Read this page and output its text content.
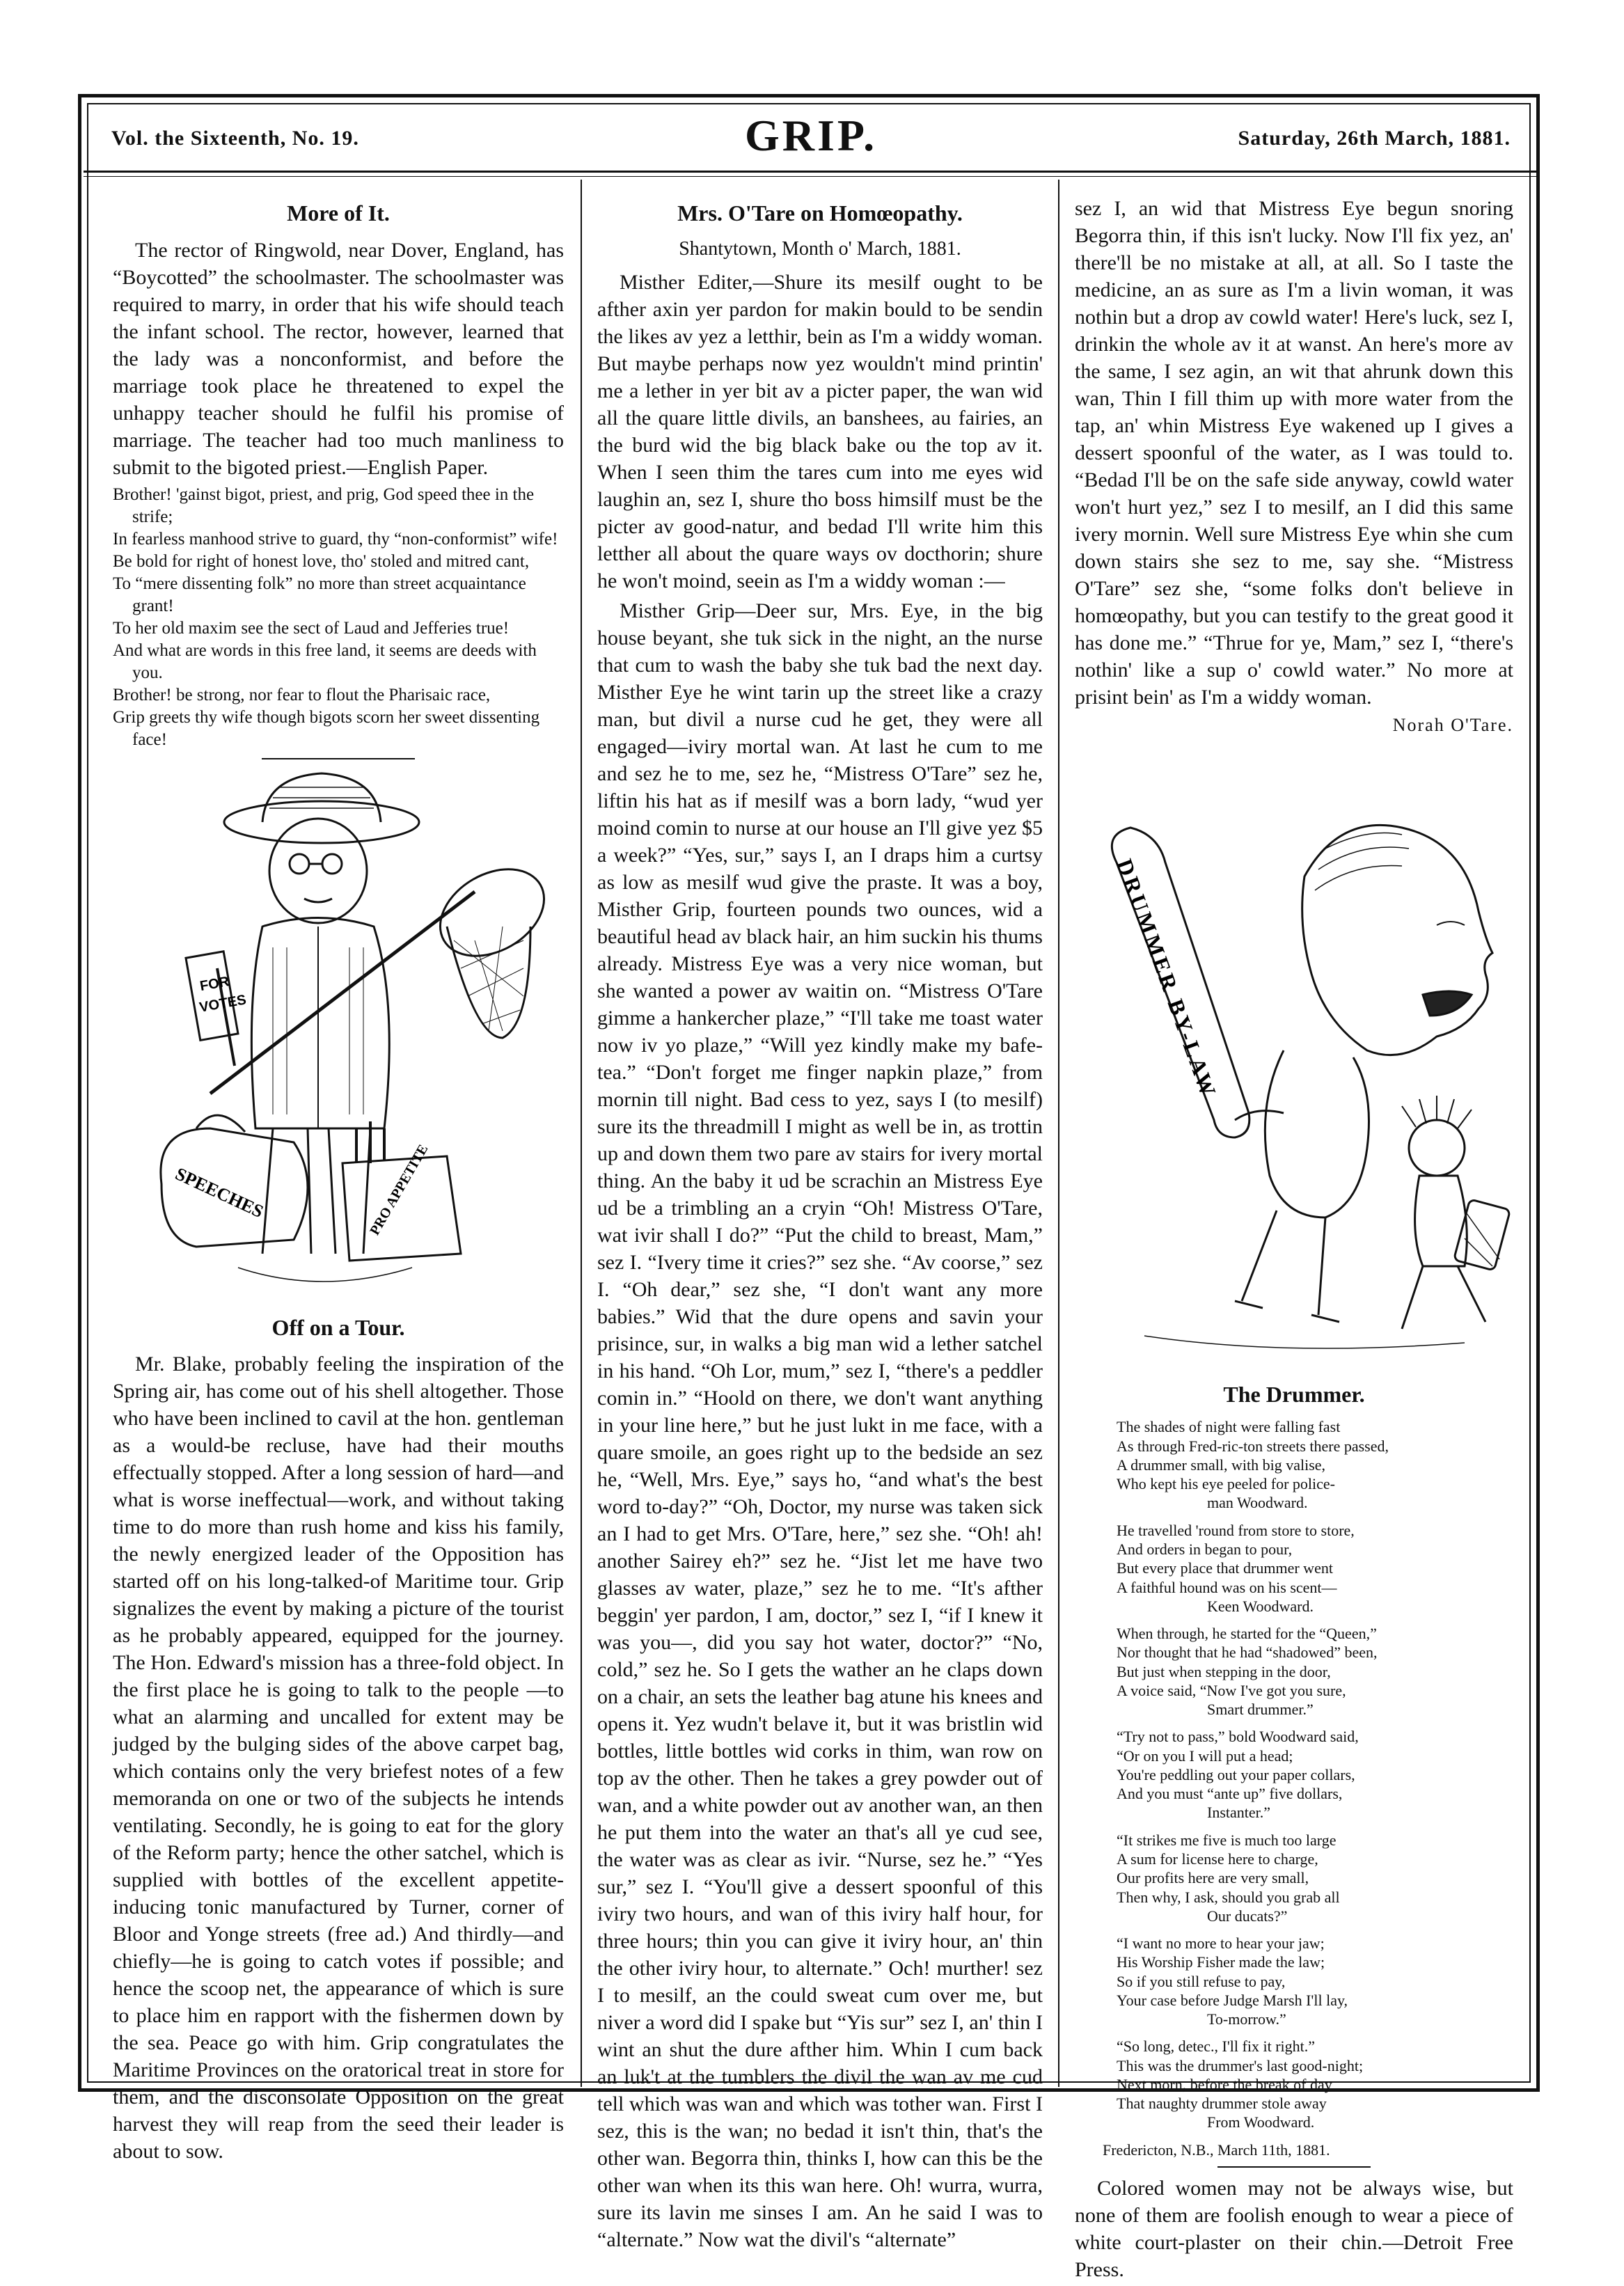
Vol. the Sixteenth, No. 19.	GRIP.	Saturday, 26th March, 1881.
More of It.

The rector of Ringwold, near Dover, England, has “Boycotted” the schoolmaster. The schoolmaster was required to marry, in order that his wife should teach the infant school. The rector, however, learned that the lady was a nonconformist, and before the marriage took place he threatened to expel the unhappy teacher should he fulfil his promise of marriage. The teacher had too much manliness to submit to the bigoted priest.—English Paper.

Brother! 'gainst bigot, priest, and prig, God speed thee in the strife;
In fearless manhood strive to guard, thy “non-conformist” wife!
Be bold for right of honest love, tho' stoled and mitred cant,
To “mere dissenting folk” no more than street acquaintance grant!
To her old maxim see the sect of Laud and Jefferies true!
And what are words in this free land, it seems are deeds with you.
Brother! be strong, nor fear to flout the Pharisaic race,
Grip greets thy wife though bigots scorn her sweet dissenting face!
FOR
VOTES
SPEECHES	PRO APPETITE
Off on a Tour.

Mr. Blake, probably feeling the inspiration of the Spring air, has come out of his shell altogether. Those who have been inclined to cavil at the hon. gentleman as a would-be recluse, have had their mouths effectually stopped. After a long session of hard—and what is worse ineffectual—work, and without taking time to do more than rush home and kiss his family, the newly energized leader of the Opposition has started off on his long-talked-of Maritime tour. Grip signalizes the event by making a picture of the tourist as he probably appeared, equipped for the journey. The Hon. Edward's mission has a three-fold object. In the first place he is going to talk to the people —to what an alarming and uncalled for extent may be judged by the bulging sides of the above carpet bag, which contains only the very briefest notes of a few memoranda on one or two of the subjects he intends ventilating. Secondly, he is going to eat for the glory of the Reform party; hence the other satchel, which is supplied with bottles of the excellent appetite-inducing tonic manufactured by Turner, corner of Bloor and Yonge streets (free ad.) And thirdly—and chiefly—he is going to catch votes if possible; and hence the scoop net, the appearance of which is sure to place him en rapport with the fishermen down by the sea. Peace go with him. Grip congratulates the Maritime Provinces on the oratorical treat in store for them, and the disconsolate Opposition on the great harvest they will reap from the seed their leader is about to sow.

Mrs. O'Tare on Homœopathy.
Shantytown, Month o' March, 1881.

Misther Editer,—Shure its mesilf ought to be afther axin yer pardon for makin bould to be sendin the likes av yez a letthir, bein as I'm a widdy woman. But maybe perhaps now yez wouldn't mind printin' me a lether in yer bit av a picter paper, the wan wid all the quare little divils, an banshees, au fairies, an the burd wid the big black bake ou the top av it. When I seen thim the tares cum into me eyes wid laughin an, sez I, shure tho boss himsilf must be the picter av good-natur, and bedad I'll write him this letther all about the quare ways ov docthorin; shure he won't moind, seein as I'm a widdy woman :—

Misther Grip—Deer sur, Mrs. Eye, in the big house beyant, she tuk sick in the night, an the nurse that cum to wash the baby she tuk bad the next day. Misther Eye he wint tarin up the street like a crazy man, but divil a nurse cud he get, they were all engaged—iviry mortal wan. At last he cum to me and sez he to me, sez he, “Mistress O'Tare” sez he, liftin his hat as if mesilf was a born lady, “wud yer moind comin to nurse at our house an I'll give yez $5 a week?” “Yes, sur,” says I, an I draps him a curtsy as low as mesilf wud give the praste. It was a boy, Misther Grip, fourteen pounds two ounces, wid a beautiful head av black hair, an him suckin his thums already. Mistress Eye was a very nice woman, but she wanted a power av waitin on. “Mistress O'Tare gimme a hankercher plaze,” “I'll take me toast water now iv yo plaze,” “Will yez kindly make my bafe-tea.” “Don't forget me finger napkin plaze,” from mornin till night. Bad cess to yez, says I (to mesilf) sure its the threadmill I might as well be in, as trottin up and down them two pare av stairs for ivery mortal thing. An the baby it ud be scrachin an Mistress Eye ud be a trimbling an a cryin “Oh! Mistress O'Tare, wat ivir shall I do?” “Put the child to breast, Mam,” sez I. “Ivery time it cries?” sez she. “Av coorse,” sez I. “Oh dear,” sez she, “I don't want any more babies.” Wid that the dure opens and savin your prisince, sur, in walks a big man wid a lether satchel in his hand. “Oh Lor, mum,” sez I, “there's a peddler comin in.” “Hoold on there, we don't want anything in your line here,” but he just lukt in me face, with a quare smoile, an goes right up to the bedside an sez he, “Well, Mrs. Eye,” says ho, “and what's the best word to-day?” “Oh, Doctor, my nurse was taken sick an I had to get Mrs. O'Tare, here,” sez she. “Oh! ah! another Sairey eh?” sez he. “Jist let me have two glasses av water, plaze,” sez he to me. “It's afther beggin' yer pardon, I am, doctor,” sez I, “if I knew it was you—, did you say hot water, doctor?” “No, cold,” sez he. So I gets the wather an he claps down on a chair, an sets the leather bag atune his knees and opens it. Yez wudn't belave it, but it was bristlin wid bottles, little bottles wid corks in thim, wan row on top av the other. Then he takes a grey powder out of wan, and a white powder out av another wan, an then he put them into the water an that's all ye cud see, the water was as clear as ivir. “Nurse, sez he.” “Yes sur,” sez I. “You'll give a dessert spoonful of this iviry two hours, and wan of this iviry half hour, for three hours; thin you can give it iviry hour, an' thin the other iviry hour, to alternate.” Och! murther! sez I to mesilf, an the could sweat cum over me, but niver a word did I spake but “Yis sur” sez I, an' thin I wint an shut the dure afther him. Whin I cum back an luk't at the tumblers the divil the wan av me cud tell which was wan and which was tother wan. First I sez, this is the wan; no bedad it isn't thin, that's the other wan. Begorra thin, thinks I, how can this be the other wan when its this wan here. Oh! wurra, wurra, sure its lavin me sinses I am. An he said I was to “alternate.” Now wat the divil's “alternate”

sez I, an wid that Mistress Eye begun snoring Begorra thin, if this isn't lucky. Now I'll fix yez, an' there'll be no mistake at all, at all. So I taste the medicine, an as sure as I'm a livin woman, it was nothin but a drop av cowld water! Here's luck, sez I, drinkin the whole av it at wanst. An here's more av the same, I sez agin, an wit that ahrunk down this wan, Thin I fill thim up with more water from the tap, an' whin Mistress Eye wakened up I gives a dessert spoonful of the water, as I was tould to. “Bedad I'll be on the safe side anyway, cowld water won't hurt yez,” sez I to mesilf, an I did this same ivery mornin. Well sure Mistress Eye whin she cum down stairs she sez to me, say she. “Mistress O'Tare” sez she, “some folks don't believe in homœopathy, but you can testify to the great good it has done me.” “Thrue for ye, Mam,” sez I, “there's nothin' like a sup o' cowld water.” No more at prisint bein' as I'm a widdy woman.

Norah O'Tare.
DRUMMER BY-LAW
The Drummer.
The shades of night were falling fast
As through Fred-ric-ton streets there passed,
A drummer small, with big valise,
Who kept his eye peeled for police-
man Woodward.
He travelled 'round from store to store,
And orders in began to pour,
But every place that drummer went
A faithful hound was on his scent—
Keen Woodward.
When through, he started for the “Queen,”
Nor thought that he had “shadowed” been,
But just when stepping in the door,
A voice said, “Now I've got you sure,
Smart drummer.”
“Try not to pass,” bold Woodward said,
“Or on you I will put a head;
You're peddling out your paper collars,
And you must “ante up” five dollars,
Instanter.”
“It strikes me five is much too large
A sum for license here to charge,
Our profits here are very small,
Then why, I ask, should you grab all
Our ducats?”
“I want no more to hear your jaw;
His Worship Fisher made the law;
So if you still refuse to pay,
Your case before Judge Marsh I'll lay,
To-morrow.”
“So long, detec., I'll fix it right.”
This was the drummer's last good-night;
Next morn, before the break of day
That naughty drummer stole away
From Woodward.
Fredericton, N.B., March 11th, 1881.

Colored women may not be always wise, but none of them are foolish enough to wear a piece of white court-plaster on their chin.—Detroit Free Press.
